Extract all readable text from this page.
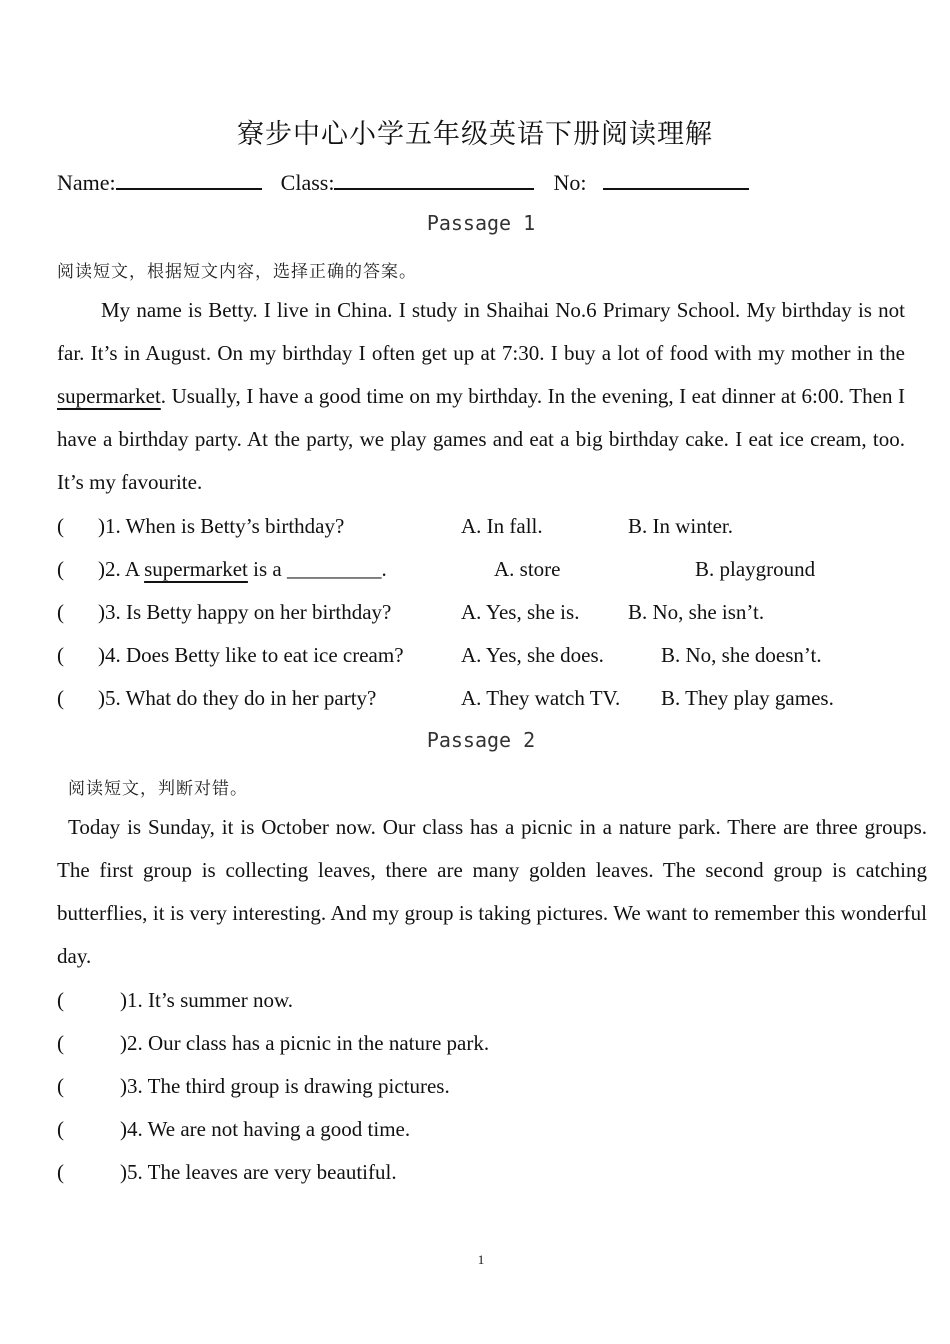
寮步中心小学五年级英语下册阅读理解
Name:	Class:	No:
Passage 1
阅读短文，根据短文内容，选择正确的答案。
My name is Betty. I live in China. I study in Shaihai No.6 Primary School. My birthday is not far. It’s in August. On my birthday I often get up at 7:30. I buy a lot of food with my mother in the supermarket. Usually, I have a good time on my birthday. In the evening, I eat dinner at 6:00. Then I have a birthday party. At the party, we play games and eat a big birthday cake. I eat ice cream, too. It’s my favourite.
( )1. When is Betty’s birthday?	A. In fall.	B. In winter.
( )2. A supermarket is a _________.	A. store	B. playground
( )3. Is Betty happy on her birthday?	A. Yes, she is. B. No, she isn’t.
( )4. Does Betty like to eat ice cream?	A. Yes, she does.	B. No, she doesn’t.
( )5. What do they do in her party?	A. They watch TV. B. They play games.
Passage 2
阅读短文，判断对错。
Today is Sunday, it is October now. Our class has a picnic in a nature park. There are three groups. The first group is collecting leaves, there are many golden leaves. The second group is catching butterflies, it is very interesting. And my group is taking pictures. We want to remember this wonderful day.
(	)1. It’s summer now.
(	)2. Our class has a picnic in the nature park.
(	)3. The third group is drawing pictures.
(	)4. We are not having a good time.
(	)5. The leaves are very beautiful.
1
